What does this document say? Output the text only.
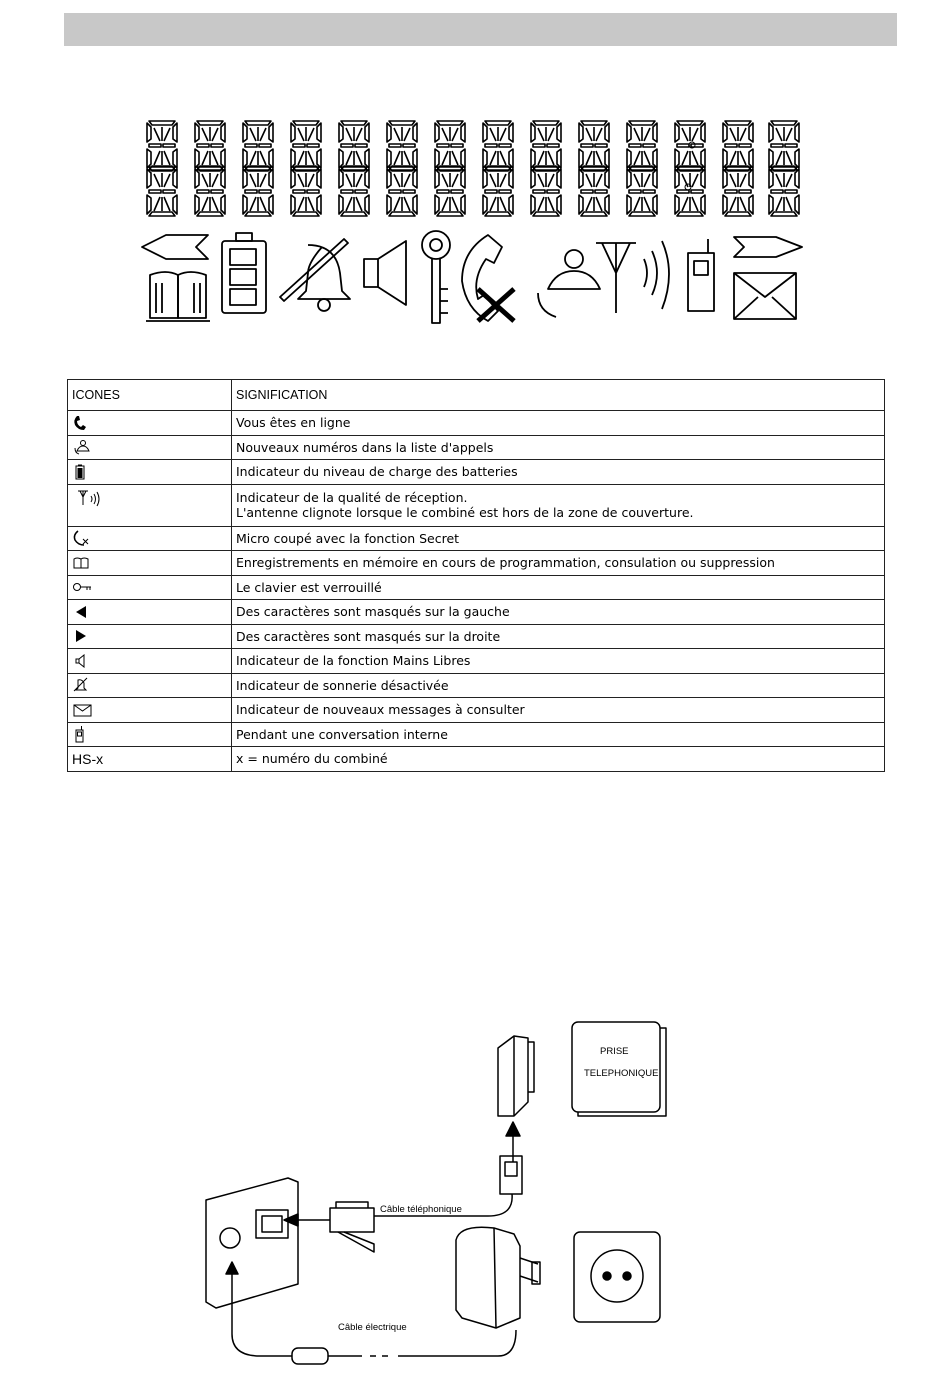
ICONES	SIGNIFICATION

	Vous êtes en ligne

	Nouveaux numéros dans la liste d'appels

	Indicateur du niveau de charge des batteries

	Indicateur de la qualité de réception.
L'antenne clignote lorsque le combiné est hors de la zone de couverture.

	Micro coupé avec la fonction Secret

	Enregistrements en mémoire en cours de programmation, consulation ou suppression

	Le clavier est verrouillé

	Des caractères sont masqués sur la gauche

	Des caractères sont masqués sur la droite

	Indicateur de la fonction Mains Libres

	Indicateur de sonnerie désactivée

	Indicateur de nouveaux messages à consulter

	Pendant une conversation interne
HS-x	x = numéro du combiné
PRISE
TELEPHONIQUE
Câble téléphonique
Câble électrique
